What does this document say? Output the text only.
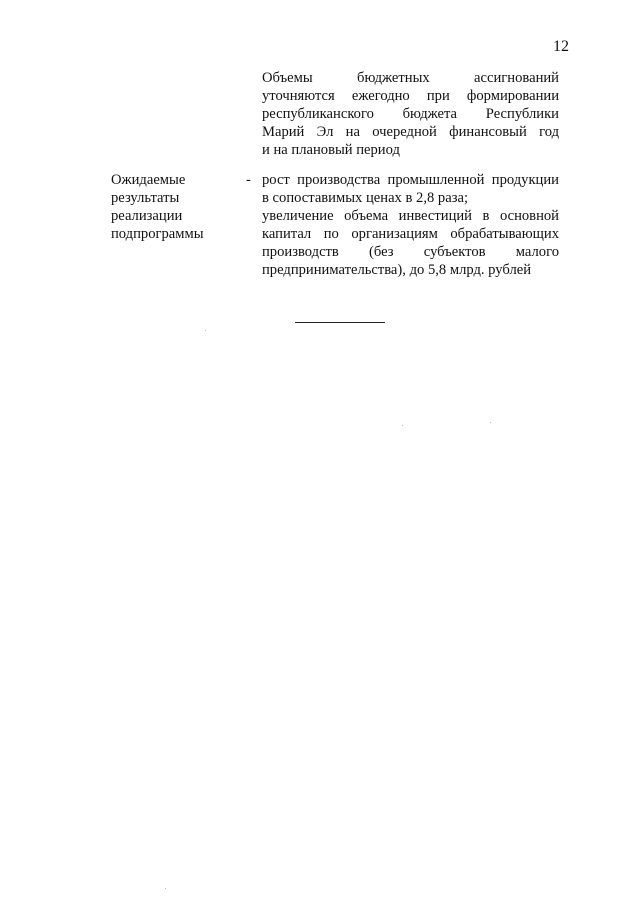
12
Объемы бюджетных ассигнований
уточняются ежегодно при формировании
республиканского бюджета Республики
Марий Эл на очередной финансовый год
и на плановый период
Ожидаемые
результаты
реализации
подпрограммы
- рост производства промышленной продукции
в сопоставимых ценах в 2,8 раза;
увеличение объема инвестиций в основной
капитал по организациям обрабатывающих
производств (без субъектов малого
предпринимательства), до 5,8 млрд. рублей
